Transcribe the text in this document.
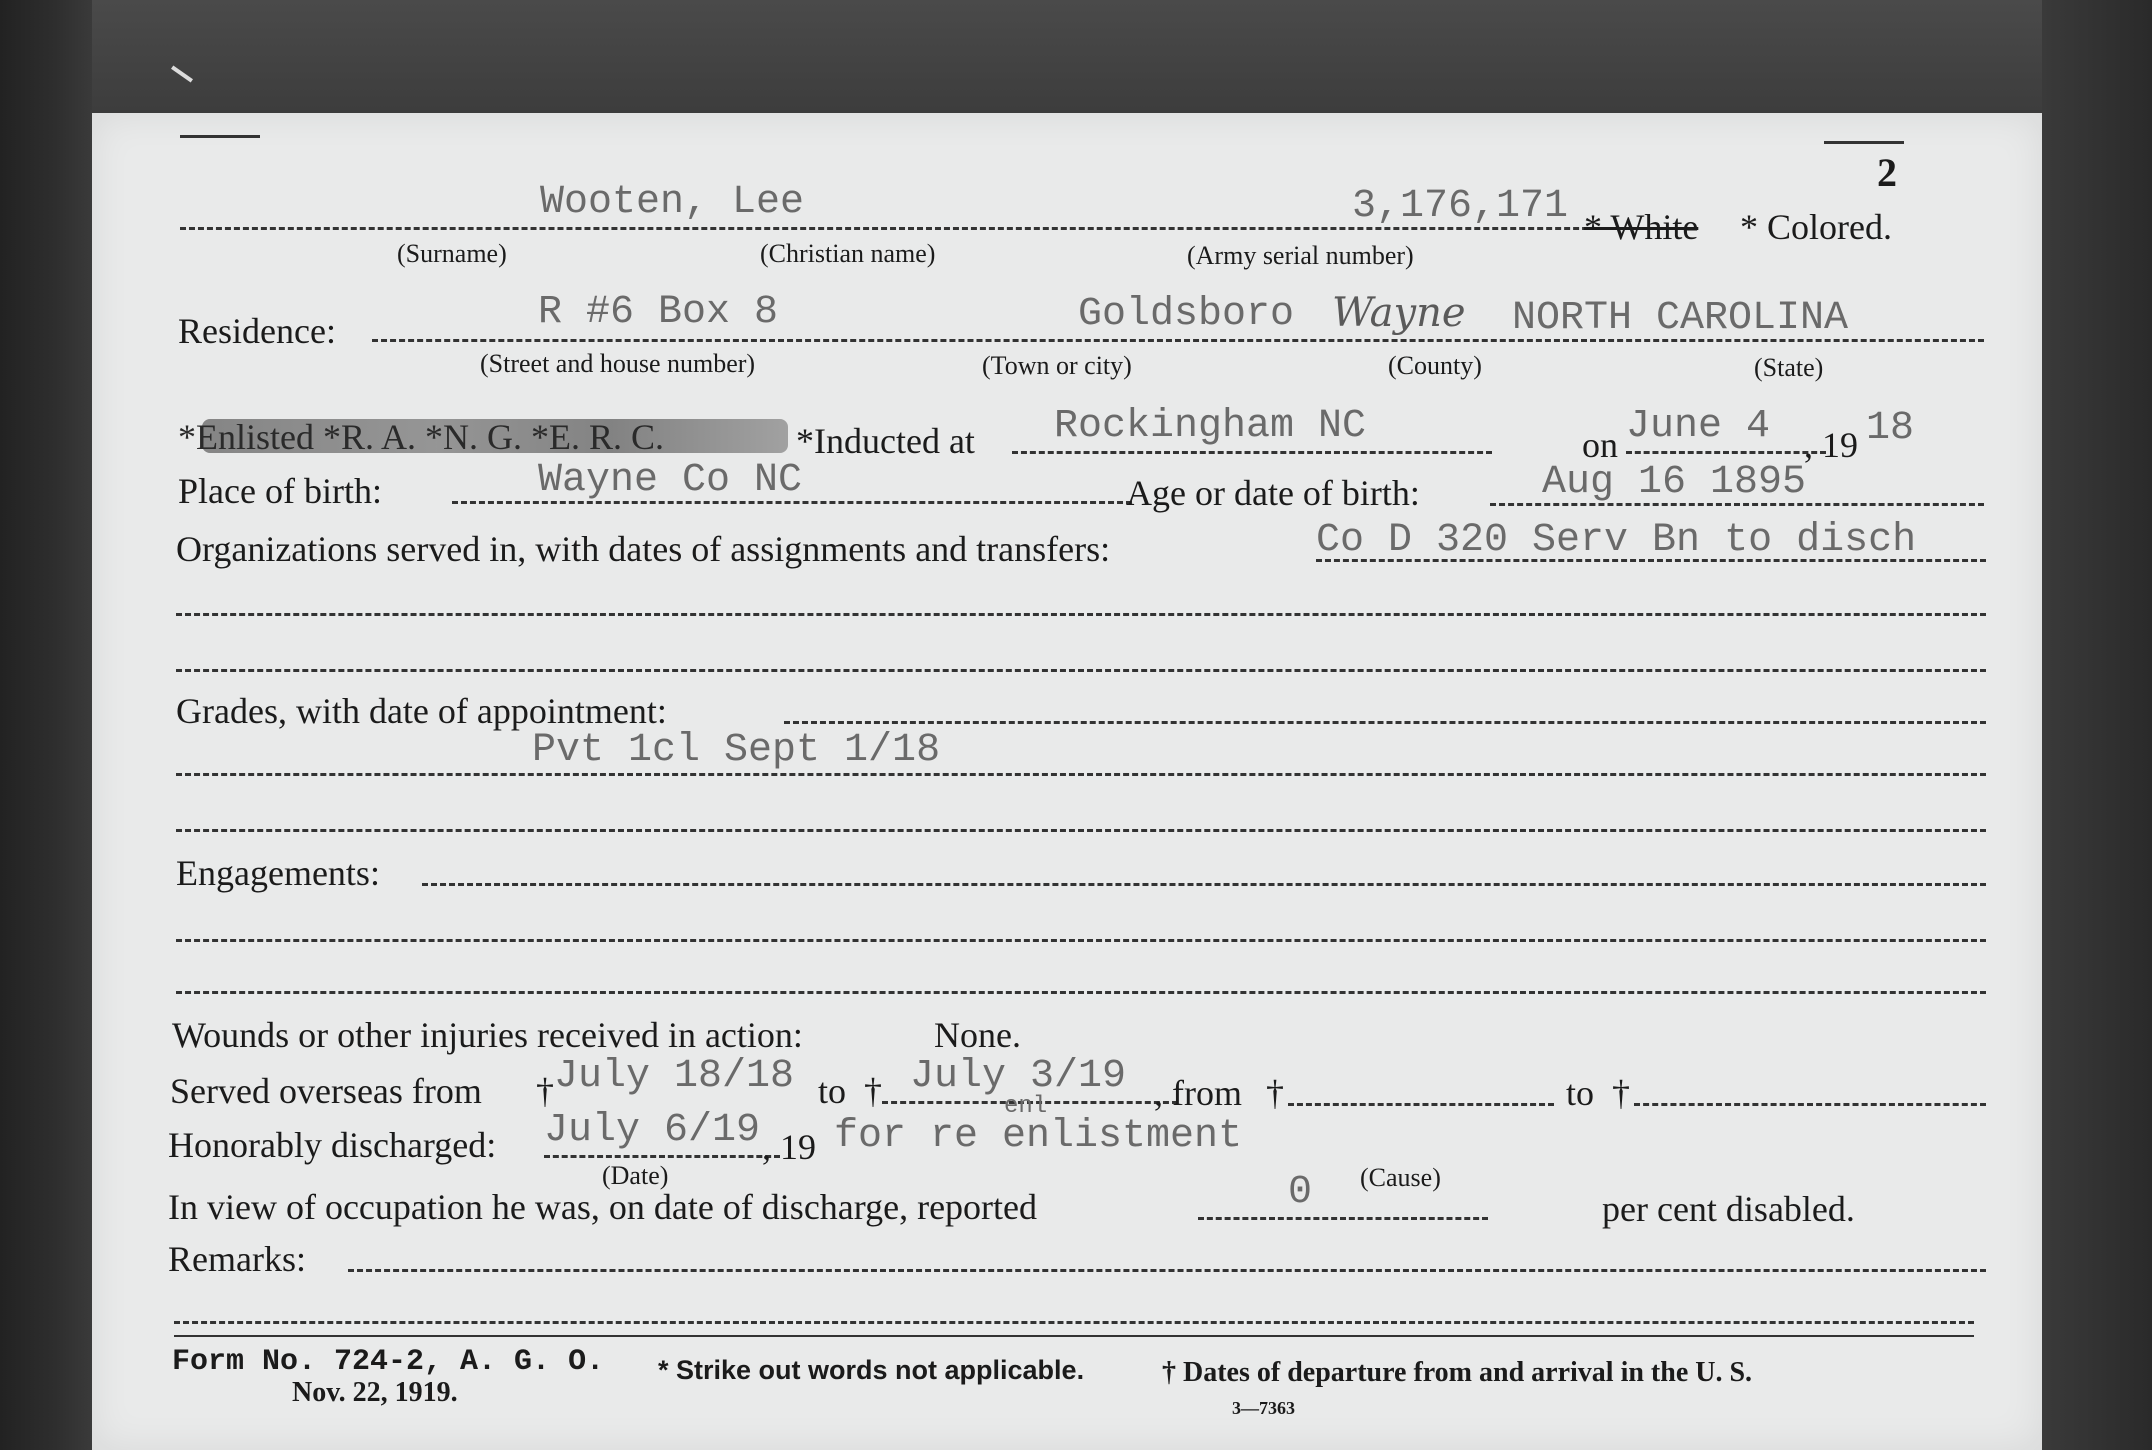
2
Wooten, Lee	3,176,171 * White * Colored.
(Surname)	(Christian name)	(Army serial number)
Residence:	R #6 Box 8	Goldsboro Wayne NORTH CAROLINA
(Street and house number)	(Town or city)	(County)	(State)
*Enlisted *R. A. *N. G. *E. R. C.	*Inducted at Rockingham NC	on June 4 , 19 18
Place of birth:	Wayne Co NC	Age or date of birth:	Aug 16 1895
Organizations served in, with dates of assignments and transfers:	Co D 320 Serv Bn to disch
Grades, with date of appointment:
Pvt 1cl Sept 1/18
Engagements:
Wounds or other injuries received in action:	None.
Served overseas from † July 18/18 to † July 3/19 , from †	to †
Honorably discharged: July 6/19 , 19
enl
for re enlistment
(Date)	(Cause)
In view of occupation he was, on date of discharge, reported	0	per cent disabled.
Remarks:
Form No. 724-2, A. G. O.
Nov. 22, 1919.
* Strike out words not applicable.	† Dates of departure from and arrival in the U. S.
3—7363
